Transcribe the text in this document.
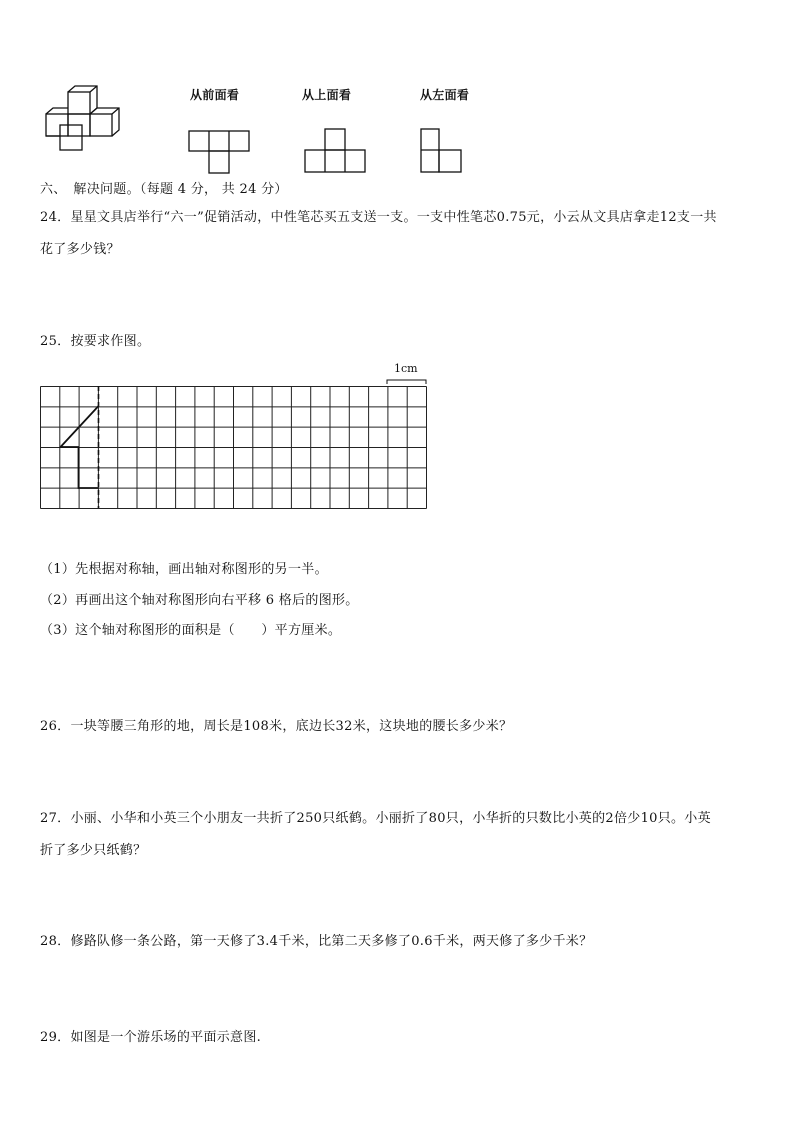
从前面看	从上面看	从左面看
六、　解决问题。（每题 4 分， 共 24 分）
24．星星文具店举行“六一”促销活动，中性笔芯买五支送一支。一支中性笔芯0.75元，小云从文具店拿走12支一共
花了多少钱？
25．按要求作图。
1cm
（1）先根据对称轴，画出轴对称图形的另一半。
（2）再画出这个轴对称图形向右平移 6 格后的图形。
（3）这个轴对称图形的面积是（　　）平方厘米。
26．一块等腰三角形的地，周长是108米，底边长32米，这块地的腰长多少米？
27．小丽、小华和小英三个小朋友一共折了250只纸鹤。小丽折了80只，小华折的只数比小英的2倍少10只。小英
折了多少只纸鹤？
28．修路队修一条公路，第一天修了3.4千米，比第二天多修了0.6千米，两天修了多少千米？
29．如图是一个游乐场的平面示意图.
